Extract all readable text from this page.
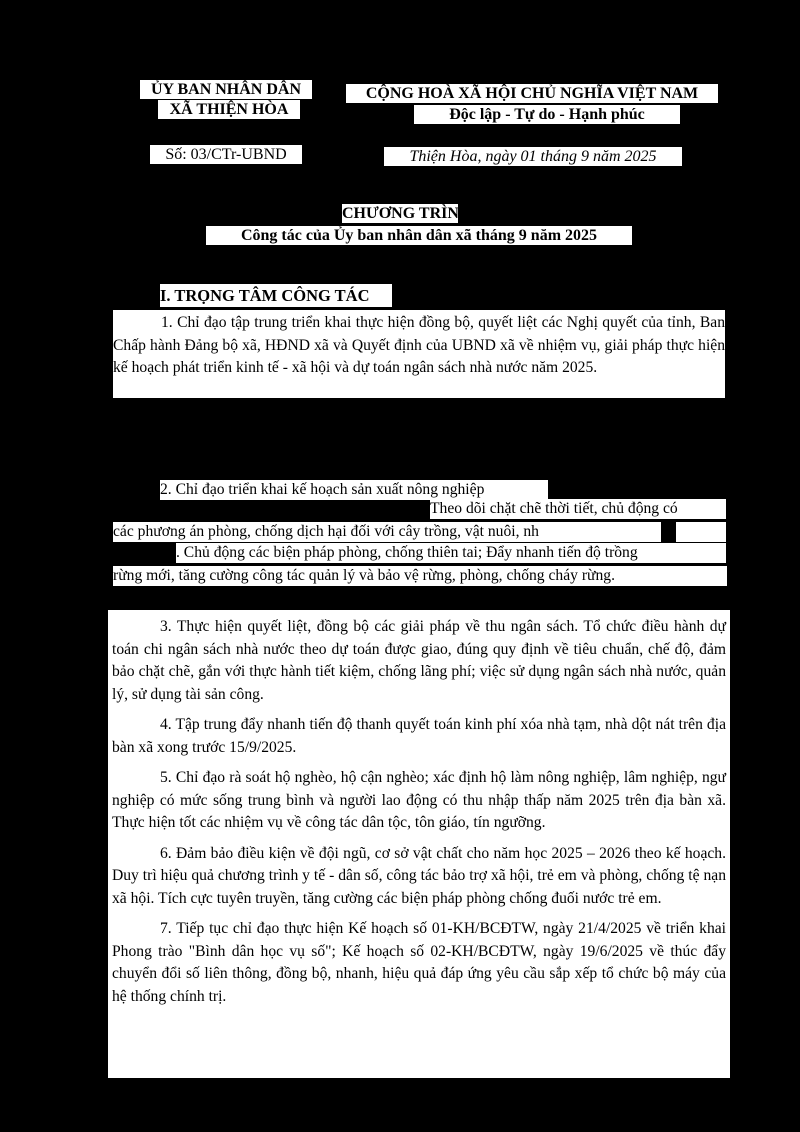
ỦY BAN NHÂN DÂN
XÃ THIỆN HÒA
Số: 03/CTr-UBND
CỘNG HOÀ XÃ HỘI CHỦ NGHĨA VIỆT NAM
Độc lập - Tự do - Hạnh phúc
Thiện Hòa, ngày 01 tháng 9 năm 2025
CHƯƠNG TRÌNH
Công tác của Ủy ban nhân dân xã tháng 9 năm 2025
I. TRỌNG TÂM CÔNG TÁC

1. Chỉ đạo tập trung triển khai thực hiện đồng bộ, quyết liệt các Nghị quyết của tỉnh, Ban Chấp hành Đảng bộ xã, HĐND xã và Quyết định của UBND xã về nhiệm vụ, giải pháp thực hiện kế hoạch phát triển kinh tế - xã hội và dự toán ngân sách nhà nước năm 2025.

2. Chỉ đạo triển khai kế hoạch sản xuất nông nghiệp
Theo dõi chặt chẽ thời tiết, chủ động có
các phương án phòng, chống dịch hại đối với cây trồng, vật nuôi, nh
. Chủ động các biện pháp phòng, chống thiên tai; Đẩy nhanh tiến độ trồng
rừng mới, tăng cường công tác quản lý và bảo vệ rừng, phòng, chống cháy rừng.

3. Thực hiện quyết liệt, đồng bộ các giải pháp về thu ngân sách. Tổ chức điều hành dự toán chi ngân sách nhà nước theo dự toán được giao, đúng quy định về tiêu chuẩn, chế độ, đảm bảo chặt chẽ, gắn với thực hành tiết kiệm, chống lãng phí; việc sử dụng ngân sách nhà nước, quản lý, sử dụng tài sản công.

4. Tập trung đẩy nhanh tiến độ thanh quyết toán kinh phí xóa nhà tạm, nhà dột nát trên địa bàn xã xong trước 15/9/2025.

5. Chỉ đạo rà soát hộ nghèo, hộ cận nghèo; xác định hộ làm nông nghiệp, lâm nghiệp, ngư nghiệp có mức sống trung bình và người lao động có thu nhập thấp năm 2025 trên địa bàn xã. Thực hiện tốt các nhiệm vụ về công tác dân tộc, tôn giáo, tín ngưỡng.

6. Đảm bảo điều kiện về đội ngũ, cơ sở vật chất cho năm học 2025 – 2026 theo kế hoạch. Duy trì hiệu quả chương trình y tế - dân số, công tác bảo trợ xã hội, trẻ em và phòng, chống tệ nạn xã hội. Tích cực tuyên truyền, tăng cường các biện pháp phòng chống đuối nước trẻ em.

7. Tiếp tục chỉ đạo thực hiện Kế hoạch số 01-KH/BCĐTW, ngày 21/4/2025 về triển khai Phong trào "Bình dân học vụ số"; Kế hoạch số 02-KH/BCĐTW, ngày 19/6/2025 về thúc đẩy chuyển đổi số liên thông, đồng bộ, nhanh, hiệu quả đáp ứng yêu cầu sắp xếp tổ chức bộ máy của hệ thống chính trị.
